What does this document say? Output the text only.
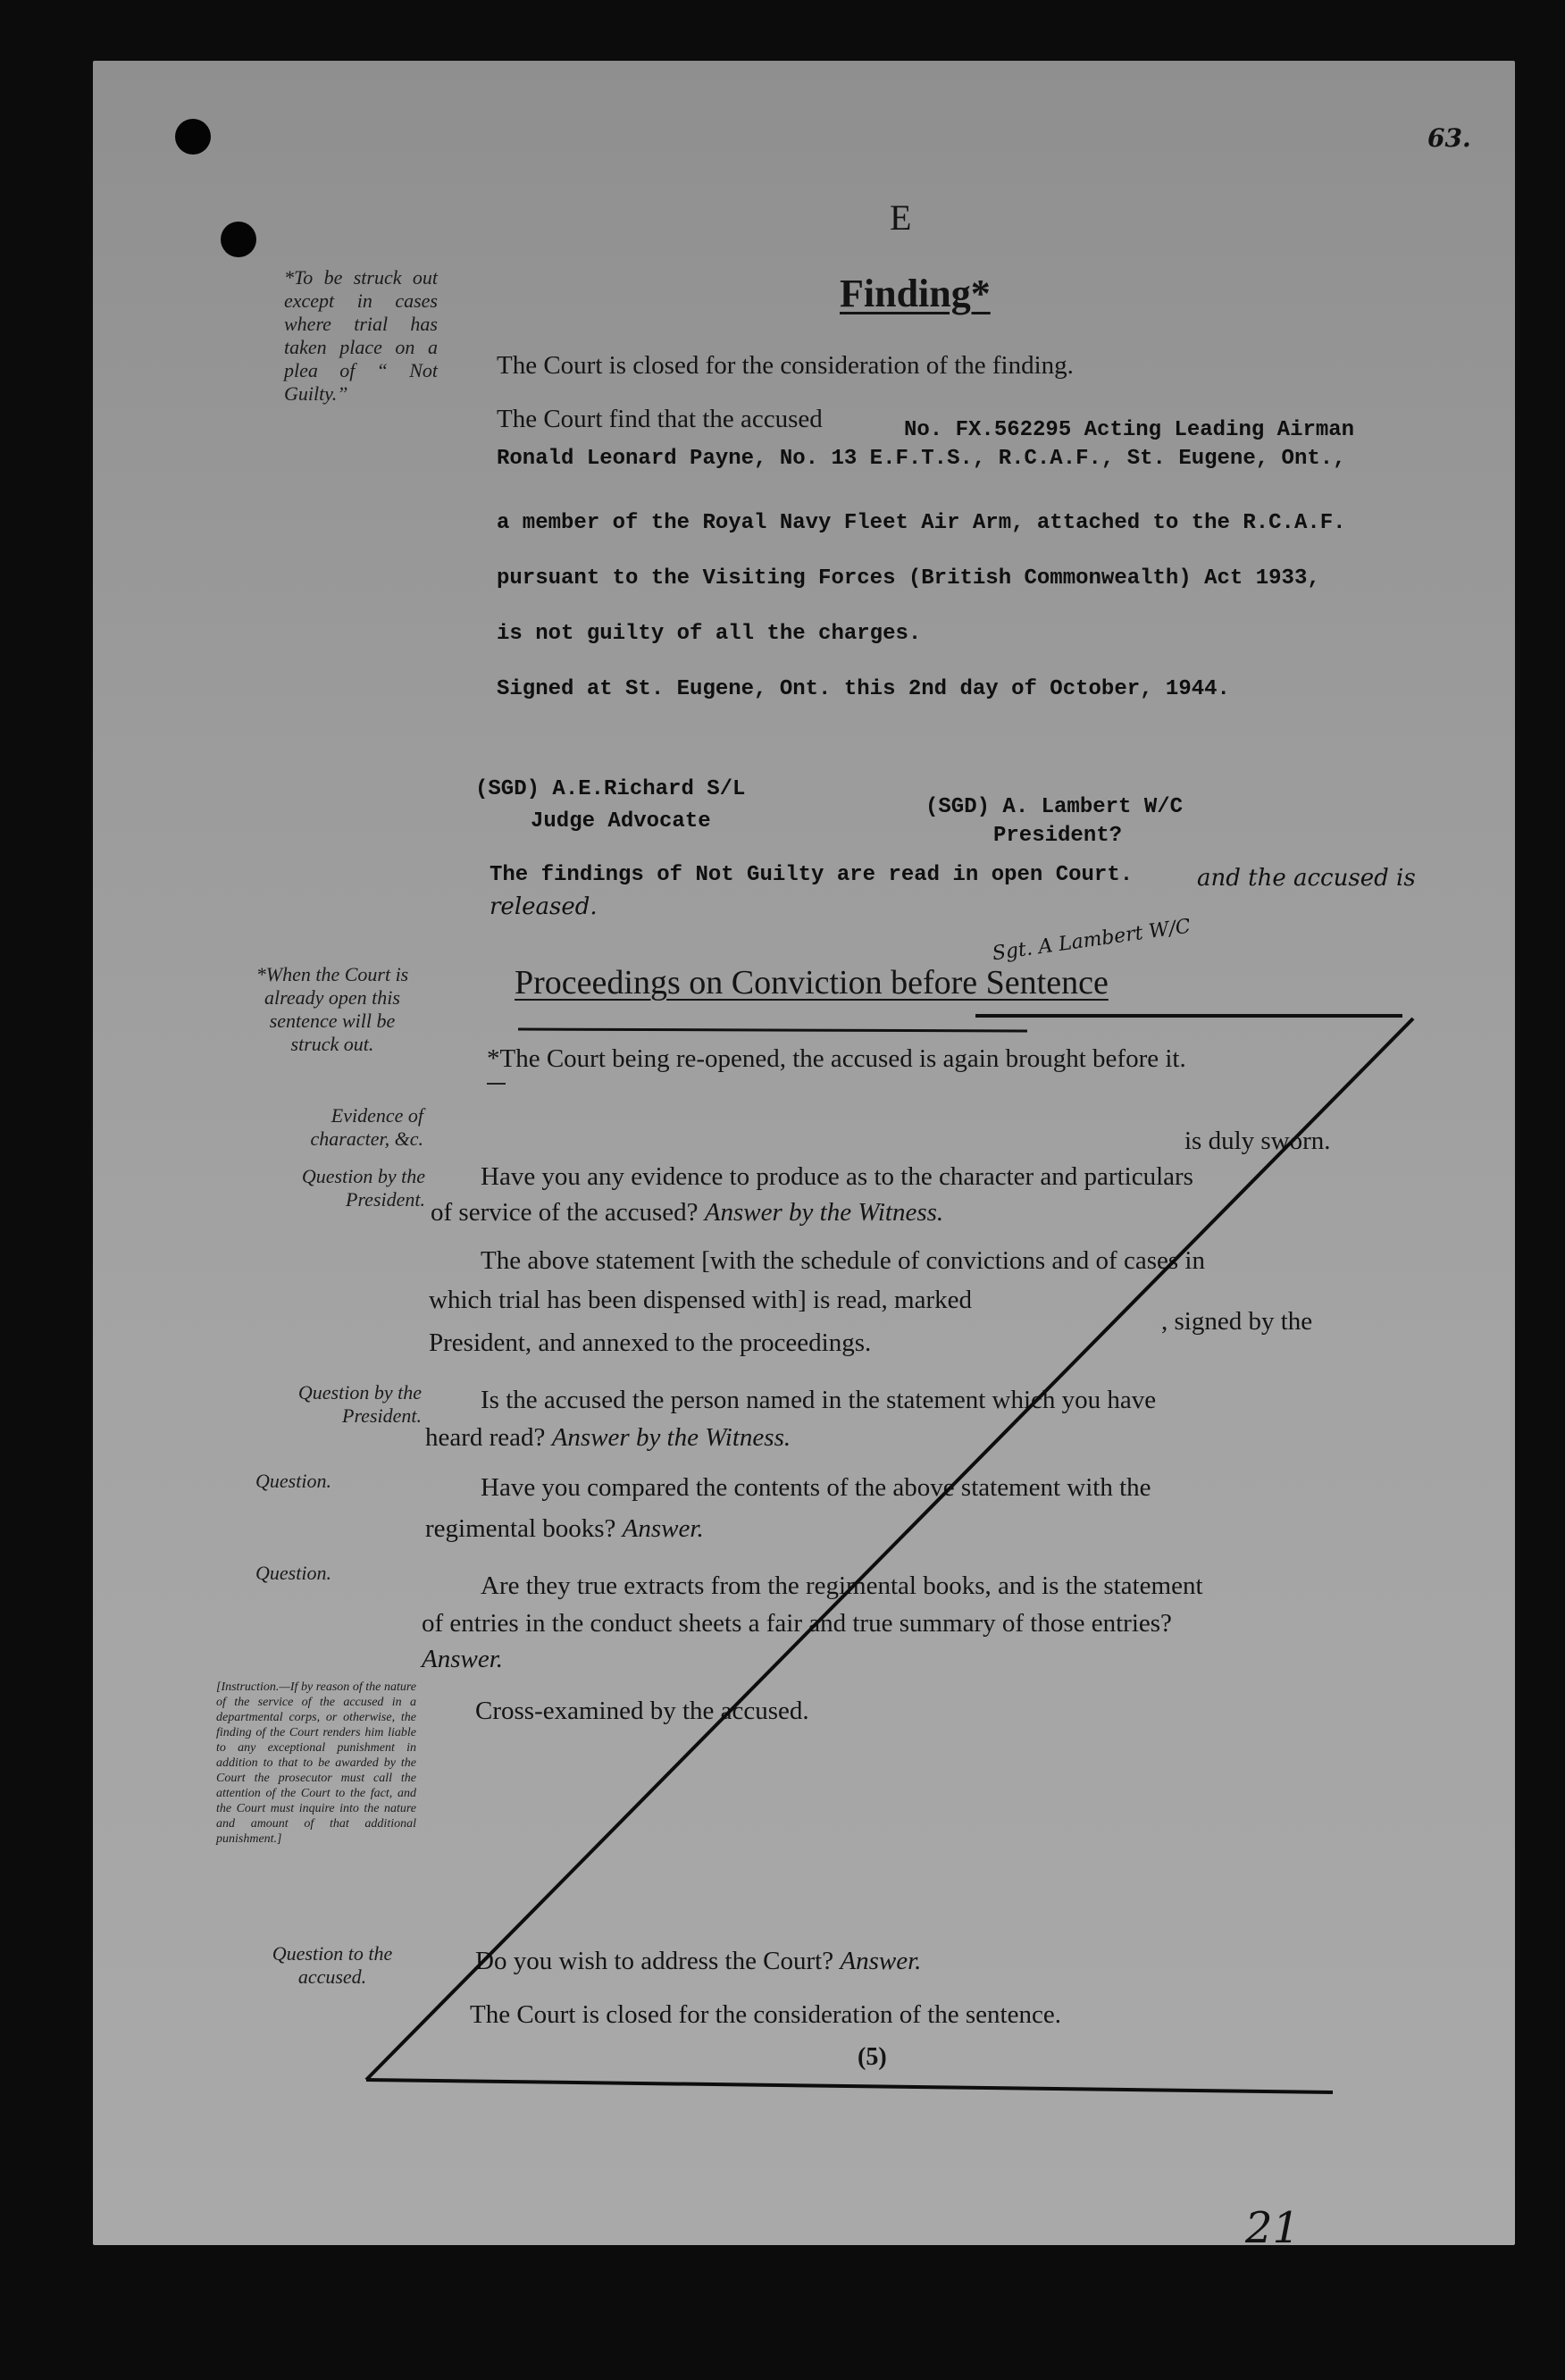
63.
E
Finding*
*To be struck out except in cases where trial has taken place on a plea of “ Not Guilty.”
The Court is closed for the consideration of the finding.
The Court find that the accused	No. FX.562295 Acting Leading Airman
Ronald Leonard Payne, No. 13 E.F.T.S., R.C.A.F., St. Eugene, Ont.,
a member of the Royal Navy Fleet Air Arm, attached to the R.C.A.F.
pursuant to the Visiting Forces (British Commonwealth) Act 1933,
is not guilty of all the charges.
Signed at St. Eugene, Ont. this 2nd day of October, 1944.
(SGD) A.E.Richard S/L
Judge Advocate
(SGD) A. Lambert W/C
President?
The findings of Not Guilty are read in open Court.	and the accused is
released.
*When the Court is already open this sentence will be struck out.
Evidence of character, &c.
Question by the President.
Question by the President.
Question.
Question.
[Instruction.—If by reason of the nature of the service of the accused in a departmental corps, or otherwise, the finding of the Court renders him liable to any exceptional punishment in addition to that to be awarded by the Court the prosecutor must call the attention of the Court to the fact, and the Court must inquire into the nature and amount of that additional punishment.]
Question to the accused.
Proceedings on Conviction before Sentence
Sgt. A Lambert W/C
*The Court being re-opened, the accused is again brought before it.
is duly sworn.
Have you any evidence to produce as to the character and particulars
of service of the accused? Answer by the Witness.
The above statement [with the schedule of convictions and of cases in
which trial has been dispensed with] is read, marked
, signed by the
President, and annexed to the proceedings.
Is the accused the person named in the statement which you have
heard read? Answer by the Witness.
Have you compared the contents of the above statement with the
regimental books? Answer.
Are they true extracts from the regimental books, and is the statement
of entries in the conduct sheets a fair and true summary of those entries?
Answer.
Cross-examined by the accused.
Do you wish to address the Court? Answer.
The Court is closed for the consideration of the sentence.
(5)
21
